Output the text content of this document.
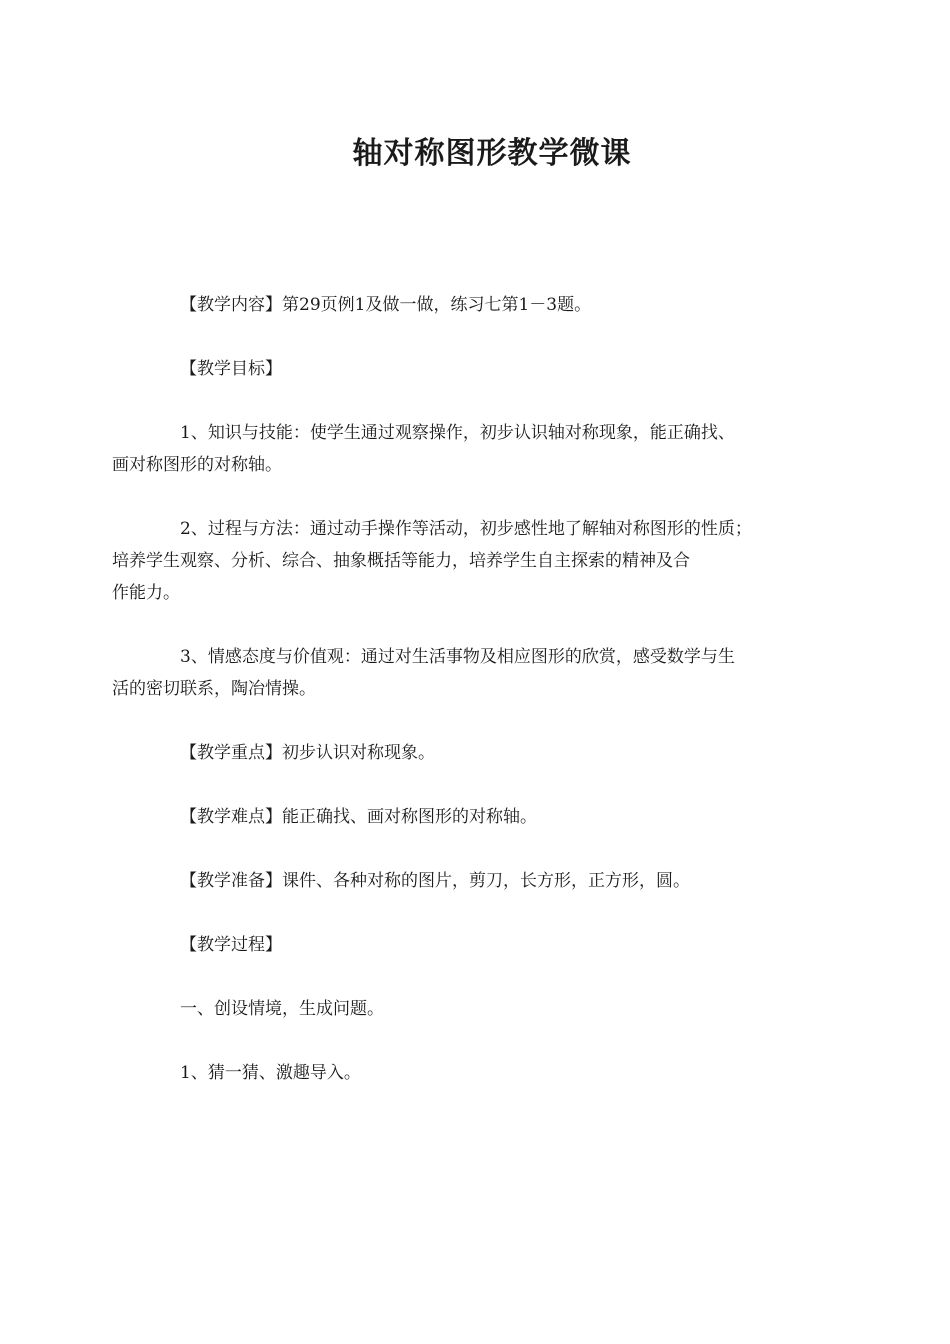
轴对称图形教学微课

【教学内容】第29页例1及做一做，练习七第1－3题。

【教学目标】

1、知识与技能：使学生通过观察操作，初步认识轴对称现象，能正确找、
画对称图形的对称轴。

2、过程与方法：通过动手操作等活动，初步感性地了解轴对称图形的性质；
培养学生观察、分析、综合、抽象概括等能力，培养学生自主探索的精神及合
作能力。

3、情感态度与价值观：通过对生活事物及相应图形的欣赏，感受数学与生
活的密切联系，陶冶情操。

【教学重点】初步认识对称现象。

【教学难点】能正确找、画对称图形的对称轴。

【教学准备】课件、各种对称的图片，剪刀，长方形，正方形，圆。

【教学过程】

一、创设情境，生成问题。

1、猜一猜、激趣导入。
